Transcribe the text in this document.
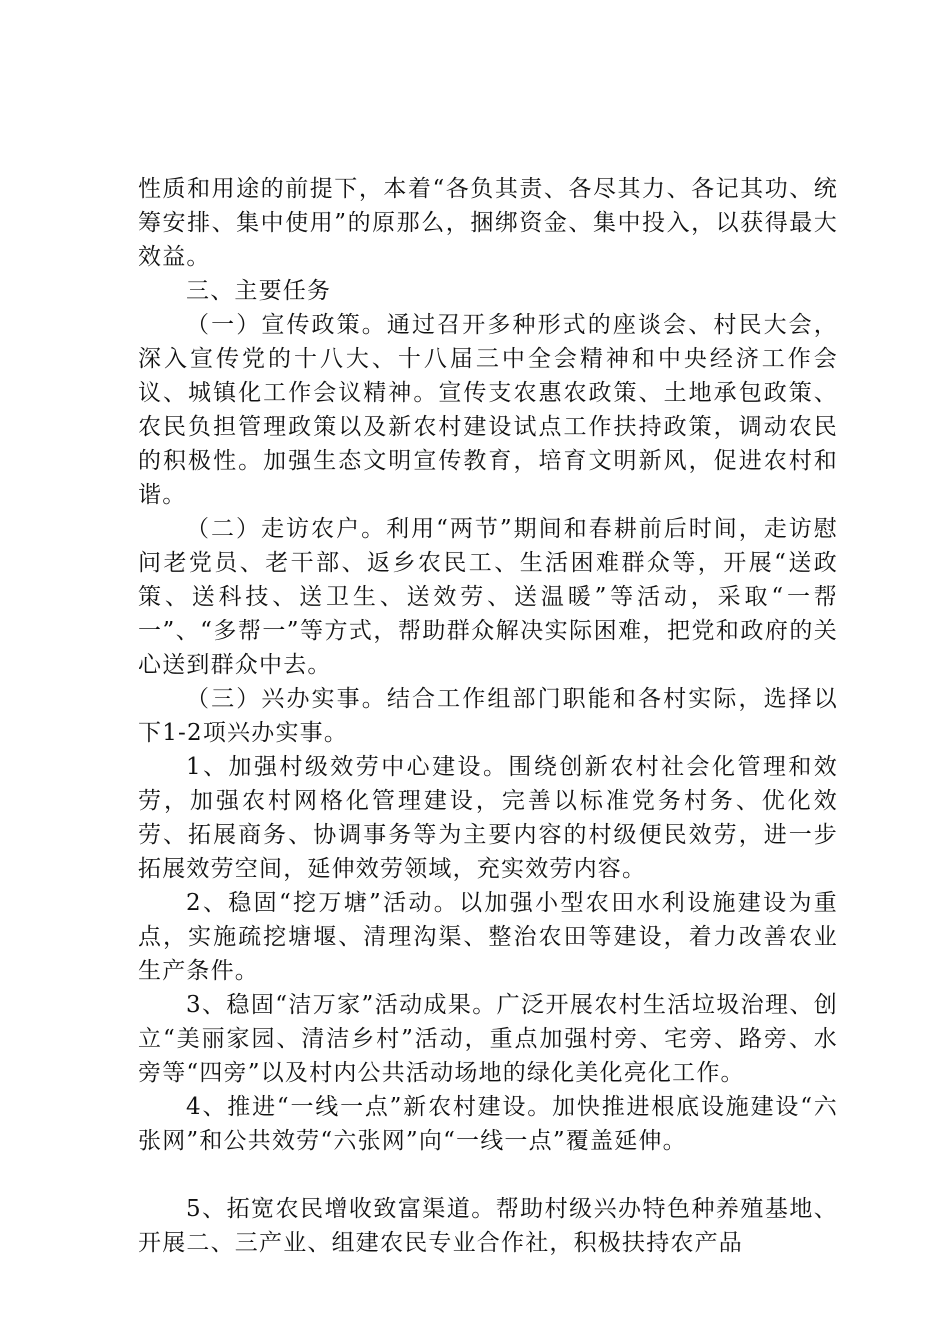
性质和用途的前提下，本着“各负其责、各尽其力、各记其功、统筹安排、集中使用”的原那么，捆绑资金、集中投入，以获得最大效益。

三、主要任务

（一）宣传政策。通过召开多种形式的座谈会、村民大会，深入宣传党的十八大、十八届三中全会精神和中央经济工作会议、城镇化工作会议精神。宣传支农惠农政策、土地承包政策、农民负担管理政策以及新农村建设试点工作扶持政策，调动农民的积极性。加强生态文明宣传教育，培育文明新风，促进农村和谐。

（二）走访农户。利用“两节”期间和春耕前后时间，走访慰问老党员、老干部、返乡农民工、生活困难群众等，开展“送政策、送科技、送卫生、送效劳、送温暖”等活动，采取“一帮一”、“多帮一”等方式，帮助群众解决实际困难，把党和政府的关心送到群众中去。

（三）兴办实事。结合工作组部门职能和各村实际，选择以下1-2项兴办实事。

1、加强村级效劳中心建设。围绕创新农村社会化管理和效劳，加强农村网格化管理建设，完善以标准党务村务、优化效劳、拓展商务、协调事务等为主要内容的村级便民效劳，进一步拓展效劳空间，延伸效劳领域，充实效劳内容。

2、稳固“挖万塘”活动。以加强小型农田水利设施建设为重点，实施疏挖塘堰、清理沟渠、整治农田等建设，着力改善农业生产条件。

3、稳固“洁万家”活动成果。广泛开展农村生活垃圾治理、创立“美丽家园、清洁乡村”活动，重点加强村旁、宅旁、路旁、水旁等“四旁”以及村内公共活动场地的绿化美化亮化工作。

4、推进“一线一点”新农村建设。加快推进根底设施建设“六张网”和公共效劳“六张网”向“一线一点”覆盖延伸。

5、拓宽农民增收致富渠道。帮助村级兴办特色种养殖基地、开展二、三产业、组建农民专业合作社，积极扶持农产品
